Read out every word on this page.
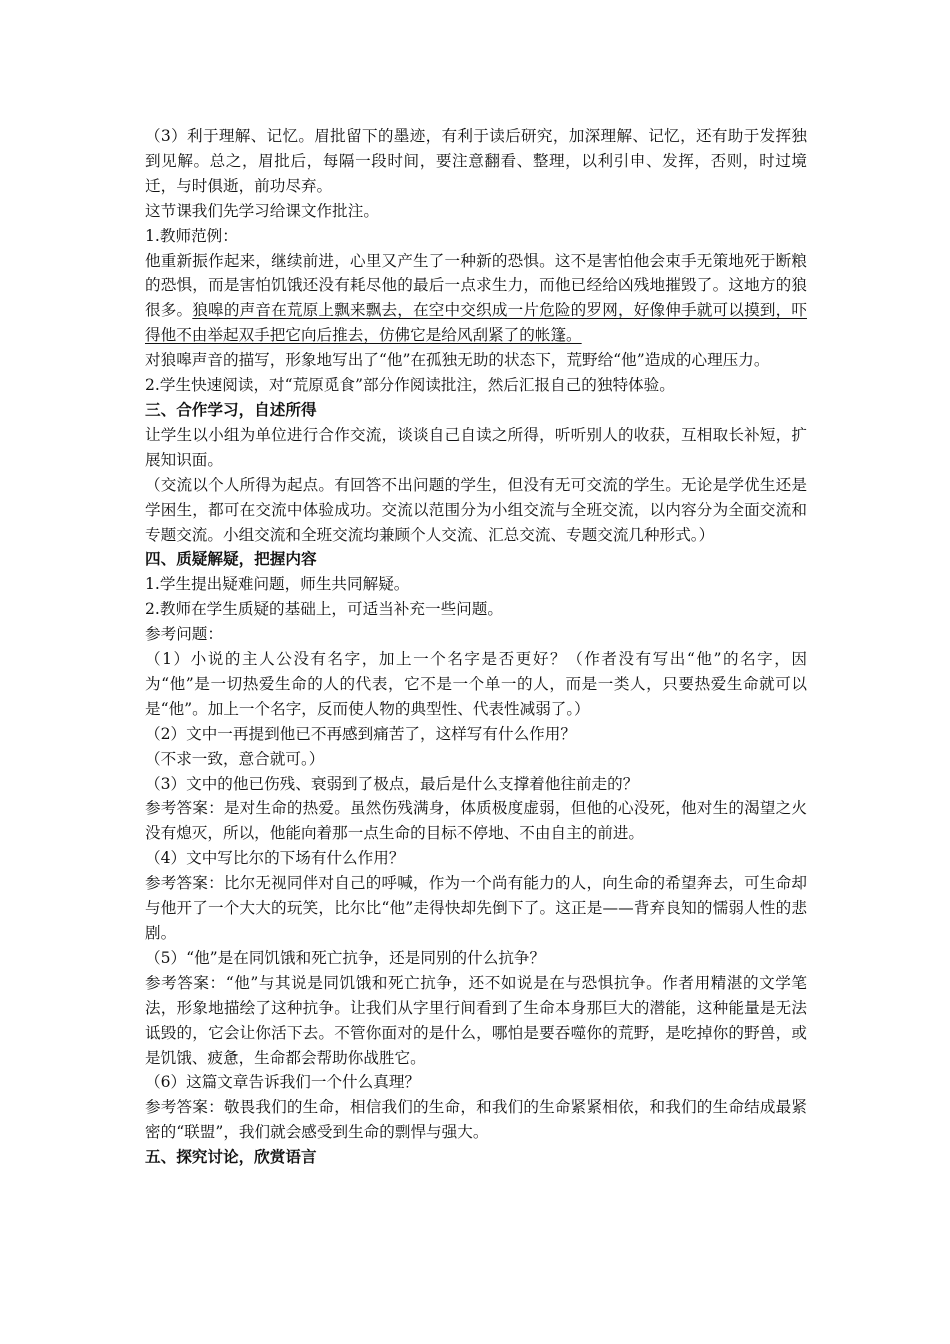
（3）利于理解、记忆。眉批留下的墨迹，有利于读后研究，加深理解、记忆，还有助于发挥独到见解。总之，眉批后，每隔一段时间，要注意翻看、整理，以利引申、发挥，否则，时过境迁，与时俱逝，前功尽弃。

这节课我们先学习给课文作批注。

1.教师范例：

他重新振作起来，继续前进，心里又产生了一种新的恐惧。这不是害怕他会束手无策地死于断粮的恐惧，而是害怕饥饿还没有耗尽他的最后一点求生力，而他已经给凶残地摧毁了。这地方的狼很多。狼嗥的声音在荒原上飘来飘去，在空中交织成一片危险的罗网，好像伸手就可以摸到，吓得他不由举起双手把它向后推去，仿佛它是给风刮紧了的帐篷。

对狼嗥声音的描写，形象地写出了“他”在孤独无助的状态下，荒野给“他”造成的心理压力。

2.学生快速阅读，对“荒原觅食”部分作阅读批注，然后汇报自己的独特体验。

三、合作学习，自述所得

让学生以小组为单位进行合作交流，谈谈自己自读之所得，听听别人的收获，互相取长补短，扩展知识面。

（交流以个人所得为起点。有回答不出问题的学生，但没有无可交流的学生。无论是学优生还是学困生，都可在交流中体验成功。交流以范围分为小组交流与全班交流，以内容分为全面交流和专题交流。小组交流和全班交流均兼顾个人交流、汇总交流、专题交流几种形式。）

四、质疑解疑，把握内容

1.学生提出疑难问题，师生共同解疑。

2.教师在学生质疑的基础上，可适当补充一些问题。

参考问题：

（1）小说的主人公没有名字，加上一个名字是否更好？（作者没有写出“他”的名字，因为“他”是一切热爱生命的人的代表，它不是一个单一的人，而是一类人，只要热爱生命就可以是“他”。加上一个名字，反而使人物的典型性、代表性减弱了。）

（2）文中一再提到他已不再感到痛苦了，这样写有什么作用？

（不求一致，意合就可。）

（3）文中的他已伤残、衰弱到了极点，最后是什么支撑着他往前走的？

参考答案：是对生命的热爱。虽然伤残满身，体质极度虚弱，但他的心没死，他对生的渴望之火没有熄灭，所以，他能向着那一点生命的目标不停地、不由自主的前进。

（4）文中写比尔的下场有什么作用？

参考答案：比尔无视同伴对自己的呼喊，作为一个尚有能力的人，向生命的希望奔去，可生命却与他开了一个大大的玩笑，比尔比“他”走得快却先倒下了。这正是——背弃良知的懦弱人性的悲剧。

（5）“他”是在同饥饿和死亡抗争，还是同别的什么抗争？

参考答案：“他”与其说是同饥饿和死亡抗争，还不如说是在与恐惧抗争。作者用精湛的文学笔法，形象地描绘了这种抗争。让我们从字里行间看到了生命本身那巨大的潜能，这种能量是无法诋毁的，它会让你活下去。不管你面对的是什么，哪怕是要吞噬你的荒野，是吃掉你的野兽，或是饥饿、疲惫，生命都会帮助你战胜它。

（6）这篇文章告诉我们一个什么真理？

参考答案：敬畏我们的生命，相信我们的生命，和我们的生命紧紧相依，和我们的生命结成最紧密的“联盟”，我们就会感受到生命的剽悍与强大。

五、探究讨论，欣赏语言
